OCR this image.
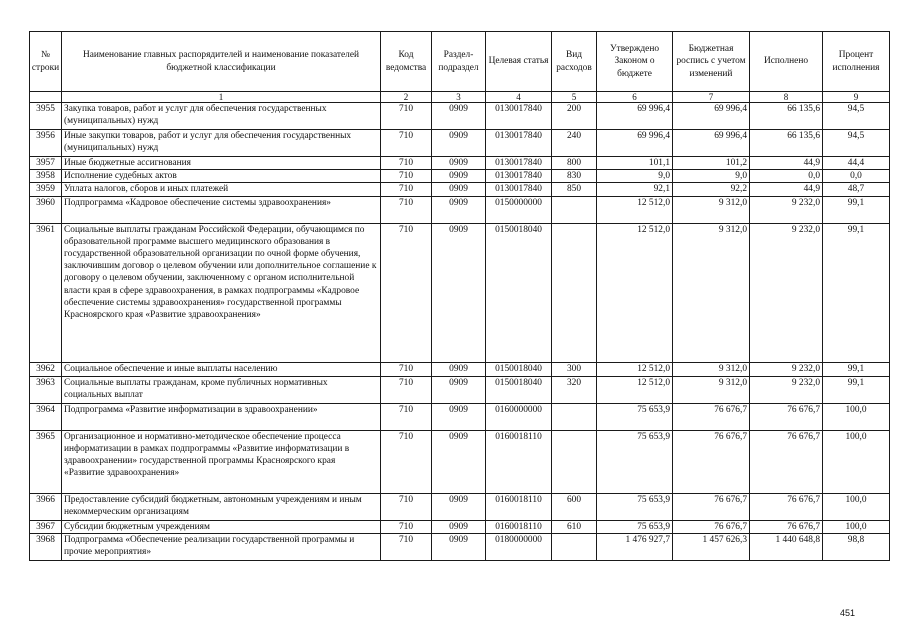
№ строки	Наименование главных распорядителей и наименование показателей бюджетной классификации	Код ведомства	Раздел-подраздел	Целевая статья	Вид расходов	Утверждено Законом о бюджете	Бюджетная роспись с учетом изменений	Исполнено	Процент исполнения
	1	2	3	4	5	6	7	8	9
3955	Закупка товаров, работ и услуг для обеспечения государственных (муниципальных) нужд	710	0909	0130017840	200	69 996,4	69 996,4	66 135,6	94,5
3956	Иные закупки товаров, работ и услуг для обеспечения государственных (муниципальных) нужд	710	0909	0130017840	240	69 996,4	69 996,4	66 135,6	94,5
3957	Иные бюджетные ассигнования	710	0909	0130017840	800	101,1	101,2	44,9	44,4
3958	Исполнение судебных актов	710	0909	0130017840	830	9,0	9,0	0,0	0,0
3959	Уплата налогов, сборов и иных платежей	710	0909	0130017840	850	92,1	92,2	44,9	48,7
3960	Подпрограмма «Кадровое обеспечение системы здравоохранения»	710	0909	0150000000		12 512,0	9 312,0	9 232,0	99,1
3961	Социальные выплаты гражданам Российской Федерации, обучающимся по образовательной программе высшего медицинского образования в государственной образовательной организации по очной форме обучения, заключившим договор о целевом обучении или дополнительное соглашение к договору о целевом обучении, заключенному с органом исполнительной власти края в сфере здравоохранения, в рамках подпрограммы «Кадровое обеспечение системы здравоохранения» государственной программы Красноярского края «Развитие здравоохранения»	710	0909	0150018040		12 512,0	9 312,0	9 232,0	99,1
3962	Социальное обеспечение и иные выплаты населению	710	0909	0150018040	300	12 512,0	9 312,0	9 232,0	99,1
3963	Социальные выплаты гражданам, кроме публичных нормативных социальных выплат	710	0909	0150018040	320	12 512,0	9 312,0	9 232,0	99,1
3964	Подпрограмма «Развитие информатизации в здравоохранении»	710	0909	0160000000		75 653,9	76 676,7	76 676,7	100,0
3965	Организационное и нормативно-методическое обеспечение процесса информатизации в рамках подпрограммы «Развитие информатизации в здравоохранении» государственной программы Красноярского края «Развитие здравоохранения»	710	0909	0160018110		75 653,9	76 676,7	76 676,7	100,0
3966	Предоставление субсидий бюджетным, автономным учреждениям и иным некоммерческим организациям	710	0909	0160018110	600	75 653,9	76 676,7	76 676,7	100,0
3967	Субсидии бюджетным учреждениям	710	0909	0160018110	610	75 653,9	76 676,7	76 676,7	100,0
3968	Подпрограмма «Обеспечение реализации государственной программы и прочие мероприятия»	710	0909	0180000000		1 476 927,7	1 457 626,3	1 440 648,8	98,8
451
